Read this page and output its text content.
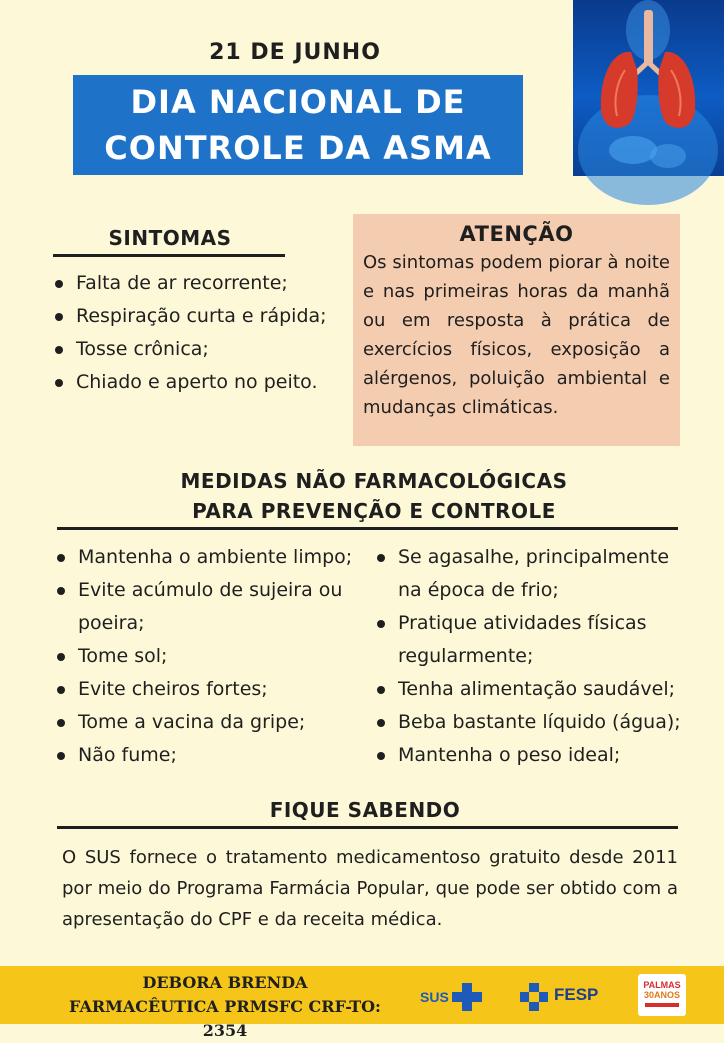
21 DE JUNHO
DIA NACIONAL DE
CONTROLE DA ASMA
SINTOMAS
Falta de ar recorrente;
Respiração curta e rápida;
Tosse crônica;
Chiado e aperto no peito.
ATENÇÃO
Os sintomas podem piorar à noite e nas primeiras horas da manhã ou em resposta à prática de exercícios físicos, exposição a alérgenos, poluição ambiental e mudanças climáticas.
MEDIDAS NÃO FARMACOLÓGICAS
PARA PREVENÇÃO E CONTROLE
Mantenha o ambiente limpo;
Evite acúmulo de sujeira ou poeira;
Tome sol;
Evite cheiros fortes;
Tome a vacina da gripe;
Não fume;
Se agasalhe, principalmente na época de frio;
Pratique atividades físicas regularmente;
Tenha alimentação saudável;
Beba bastante líquido (água);
Mantenha o peso ideal;
FIQUE SABENDO
O SUS fornece o tratamento medicamentoso gratuito desde 2011 por meio do Programa Farmácia Popular, que pode ser obtido com a apresentação do CPF e da receita médica.
DEBORA BRENDA
FARMACÊUTICA PRMSFC CRF-TO: 2354
SUS	FESP	PALMAS
30ANOS
